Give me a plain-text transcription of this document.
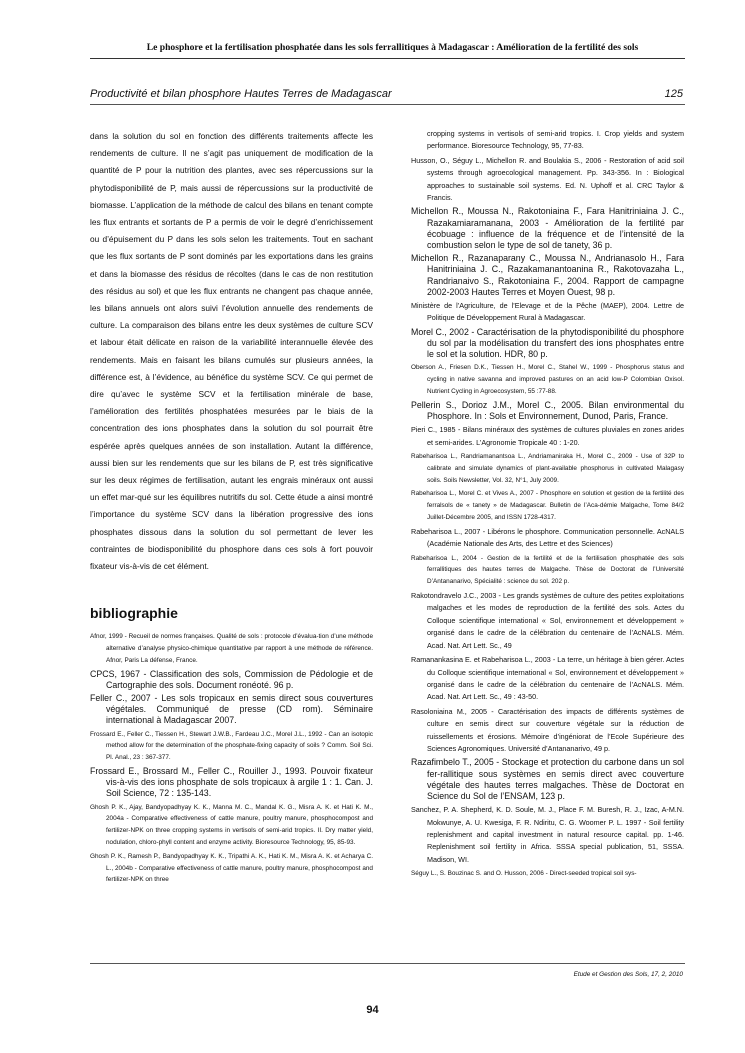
Le phosphore et la fertilisation phosphatée dans les sols ferrallitiques à Madagascar : Amélioration de la fertilité des sols
Productivité et bilan phosphore Hautes Terres de Madagascar	125

dans la solution du sol en fonction des différents traitements affecte les rendements de culture. Il ne s’agit pas uniquement de modification de la quantité de P pour la nutrition des plantes, avec ses répercussions sur la phytodisponibilité de P, mais aussi de répercussions sur la productivité de biomasse. L’application de la méthode de calcul des bilans en tenant compte les flux entrants et sortants de P a permis de voir le degré d’enrichissement ou d’épuisement du P dans les sols selon les traitements. Tout en sachant que les flux sortants de P sont dominés par les exportations dans les grains et dans la biomasse des résidus de récoltes (dans le cas de non restitution des résidus au sol) et que les flux entrants ne changent pas chaque année, les bilans annuels ont alors suivi l’évolution annuelle des rendements de culture. La comparaison des bilans entre les deux systèmes de culture SCV et labour était délicate en raison de la variabilité interannuelle élevée des rendements. Mais en faisant les bilans cumulés sur plusieurs années, la différence est, à l’évidence, au bénéfice du système SCV. Ce qui permet de dire qu’avec le système SCV et la fertilisation minérale de base, l’amélioration des fertilités phosphatées mesurées par le biais de la concentration des ions phosphates dans la solution du sol pourrait être espérée après quelques années de son installation. Autant la différence, aussi bien sur les rendements que sur les bilans de P, est très significative sur les deux régimes de fertilisation, autant les engrais minéraux ont aussi un effet mar-qué sur les équilibres nutritifs du sol. Cette étude a ainsi montré l’importance du système SCV dans la libération progressive des ions phosphates dissous dans la solution du sol permettant de lever les contraintes de biodisponibilité du phosphore dans ces sols à fort pouvoir fixateur vis-à-vis de cet élément.

bibliographie

Afnor, 1999 - Recueil de normes françaises. Qualité de sols : protocole d’évalua-tion d’une méthode alternative d’analyse physico-chimique quantitative par rapport à une méthode de référence. Afnor, Paris La défense, France.

CPCS, 1967 - Classification des sols, Commission de Pédologie et de Cartographie des sols. Document ronéoté. 96 p.

Feller C., 2007 - Les sols tropicaux en semis direct sous couvertures végétales. Communiqué de presse (CD rom). Séminaire international à Madagascar 2007.

Frossard E., Feller C., Tiessen H., Stewart J.W.B., Fardeau J.C., Morel J.L., 1992 - Can an isotopic method allow for the determination of the phosphate-fixing capacity of soils ? Comm. Soil Sci. Pl. Anal., 23 : 367-377.

Frossard E., Brossard M., Feller C., Rouiller J., 1993. Pouvoir fixateur vis-à-vis des ions phosphate de sols tropicaux à argile 1 : 1. Can. J. Soil Science, 72 : 135-143.

Ghosh P. K., Ajay, Bandyopadhyay K. K., Manna M. C., Mandal K. G., Misra A. K. et Hati K. M., 2004a - Comparative effectiveness of cattle manure, poultry manure, phosphocompost and fertilizer-NPK on three cropping systems in vertisols of semi-arid tropics. II. Dry matter yield, nodulation, chloro-phyll content and enzyme activity. Bioresource Technology, 95, 85-93.

Ghosh P. K., Ramesh P., Bandyopadhyay K. K., Tripathi A. K., Hati K. M., Misra A. K. et Acharya C. L., 2004b - Comparative effectiveness of cattle manure, poultry manure, phosphocompost and fertilizer-NPK on three

cropping systems in vertisols of semi-arid tropics. I. Crop yields and system performance. Bioresource Technology, 95, 77-83.

Husson, O., Séguy L., Michellon R. and Boulakia S., 2006 - Restoration of acid soil systems through agroecological management. Pp. 343-356. In : Biological approaches to sustainable soil systems. Ed. N. Uphoff et al. CRC Taylor & Francis.

Michellon R., Moussa N., Rakotoniaina F., Fara Hanitriniaina J. C., Razakamiaramanana, 2003 - Amélioration de la fertilité par écobuage : influence de la fréquence et de l’intensité de la combustion selon le type de sol de tanety, 36 p.

Michellon R., Razanaparany C., Moussa N., Andrianasolo H., Fara Hanitriniaina J. C., Razakamanantoanina R., Rakotovazaha L., Randrianaivo S., Rakotoniaina F., 2004. Rapport de campagne 2002-2003 Hautes Terres et Moyen Ouest, 98 p.

Ministère de l’Agriculture, de l’Elevage et de la Pêche (MAEP), 2004. Lettre de Politique de Développement Rural à Madagascar.

Morel C., 2002 - Caractérisation de la phytodisponibilité du phosphore du sol par la modélisation du transfert des ions phosphates entre le sol et la solution. HDR, 80 p.

Oberson A., Friesen D.K., Tiessen H., Morel C., Stahel W., 1999 - Phosphorus status and cycling in native savanna and improved pastures on an acid low-P Colombian Oxisol. Nutrient Cycling in Agroecosystem, 55 :77-88.

Pellerin S., Dorioz J.M., Morel C., 2005. Bilan environmental du Phosphore. In : Sols et Environnement, Dunod, Paris, France.

Pieri C., 1985 - Bilans minéraux des systèmes de cultures pluviales en zones arides et semi-arides. L’Agronomie Tropicale 40 : 1-20.

Rabeharisoa L., Randriamanantsoa L., Andriamaniraka H., Morel C., 2009 - Use of 32P to calibrate and simulate dynamics of plant-available phosphorus in cultivated Malagasy soils. Soils Newsletter, Vol. 32, N°1, July 2009.

Rabeharisoa L., Morel C. et Vives A., 2007 - Phosphore en solution et gestion de la fertilité des ferralsols de « tanety » de Madagascar. Bulletin de l’Aca-démie Malgache, Tome 84/2 Juillet-Décembre 2005, and ISSN 1728-4317.

Rabeharisoa L., 2007 - Libérons le phosphore. Communication personnelle. AcNALS (Académie Nationale des Arts, des Lettre et des Sciences)

Rabeharisoa L., 2004 - Gestion de la fertilité et de la fertilisation phosphatée des sols ferrallitiques des hautes terres de Malgache. Thèse de Doctorat de l’Université D’Antananarivo, Spécialité : science du sol. 202 p.

Rakotondravelo J.C., 2003 - Les grands systèmes de culture des petites exploitations malgaches et les modes de reproduction de la fertilité des sols. Actes du Colloque scientifique international « Sol, environnement et développement » organisé dans le cadre de la célébration du centenaire de l’AcNALS. Mém. Acad. Nat. Art Lett. Sc., 49

Ramanankasina E. et Rabeharisoa L., 2003 - La terre, un héritage à bien gérer. Actes du Colloque scientifique international « Sol, environnement et développement » organisé dans le cadre de la célébration du centenaire de l’AcNALS. Mém. Acad. Nat. Art Lett. Sc., 49 : 43-50.

Rasoloniaina M., 2005 - Caractérisation des impacts de différents systèmes de culture en semis direct sur couverture végétale sur la réduction de ruissellements et érosions. Mémoire d’ingéniorat de l’Ecole Supérieure des Sciences Agronomiques. Université d’Antananarivo, 49 p.

Razafimbelo T., 2005 - Stockage et protection du carbone dans un sol fer-rallitique sous systèmes en semis direct avec couverture végétale des hautes terres malgaches. Thèse de Doctorat en Science du Sol de l’ENSAM, 123 p.

Sanchez, P. A. Shepherd, K. D. Soule, M. J., Place F. M. Buresh, R. J., Izac, A-M.N. Mokwunye, A. U. Kwesiga, F. R. Ndiritu, C. G. Woomer P. L. 1997 - Soil fertility replenishment and capital investment in natural resource capital. pp. 1-46. Replenishment soil fertility in Africa. SSSA special publication, 51, SSSA. Madison, WI.

Séguy L., S. Bouzinac S. and O. Husson, 2006 - Direct-seeded tropical soil sys-

Etude et Gestion des Sols, 17, 2, 2010
94
